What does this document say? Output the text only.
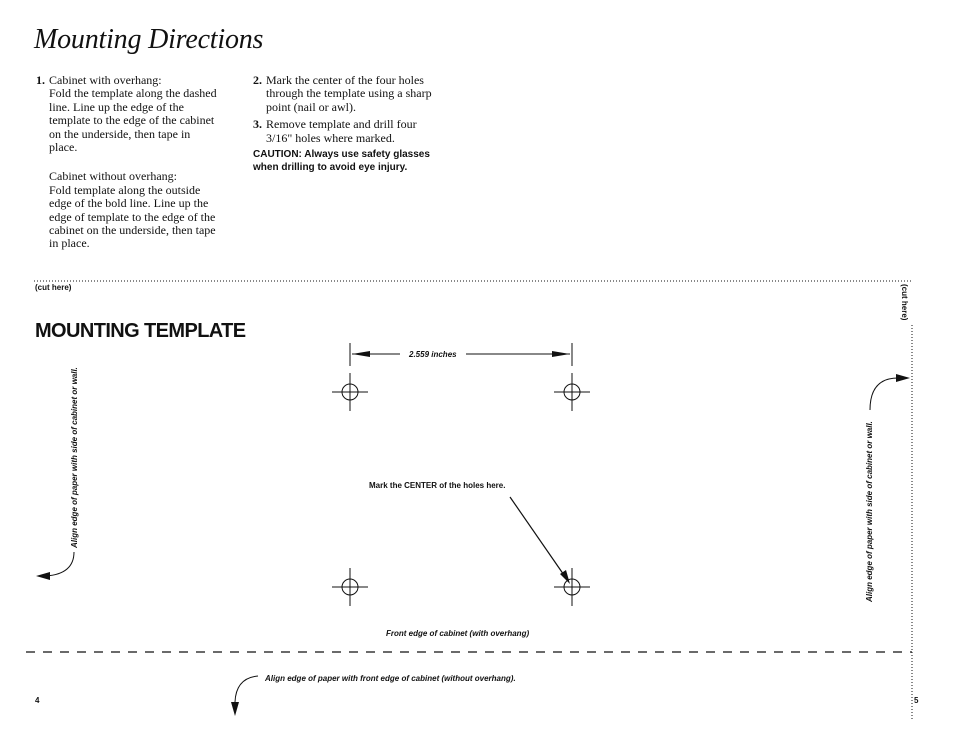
Mounting Directions
1. Cabinet with overhang:
Fold the template along the dashed
line. Line up the edge of the
template to the edge of the cabinet
on the underside, then tape in
place.
Cabinet without overhang:
Fold template along the outside
edge of the bold line. Line up the
edge of template to the edge of the
cabinet on the underside, then tape
in place.
2. Mark the center of the four holes
through the template using a sharp
point (nail or awl).
3. Remove template and drill four
3/16" holes where marked.
CAUTION: Always use safety glasses
when drilling to avoid eye injury.
(cut here)	(cut here)
MOUNTING TEMPLATE
2.559 inches
Mark the CENTER of the holes here.
Align edge of paper with side of cabinet or wall.	Align edge of paper with side of cabinet or wall.
Front edge of cabinet (with overhang)
Align edge of paper with front edge of cabinet (without overhang).
4	5
